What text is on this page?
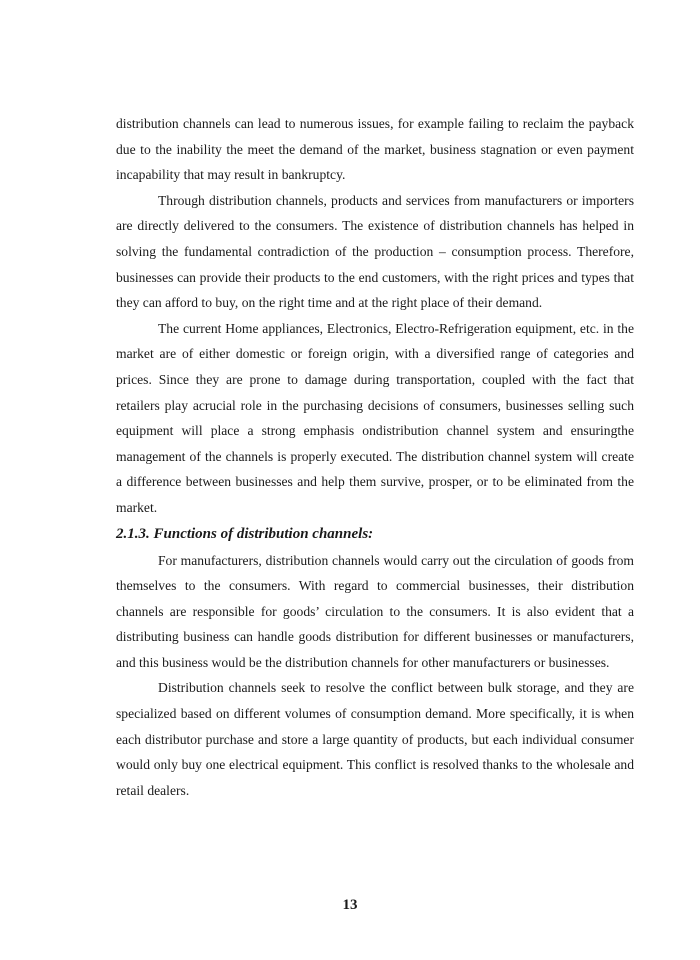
distribution channels can lead to numerous issues, for example failing to reclaim the payback due to the inability the meet the demand of the market, business stagnation or even payment incapability that may result in bankruptcy.

Through distribution channels, products and services from manufacturers or importers are directly delivered to the consumers. The existence of distribution channels has helped in solving the fundamental contradiction of the production – consumption process. Therefore, businesses can provide their products to the end customers, with the right prices and types that they can afford to buy, on the right time and at the right place of their demand.

The current Home appliances, Electronics, Electro-Refrigeration equipment, etc. in the market are of either domestic or foreign origin, with a diversified range of categories and prices. Since they are prone to damage during transportation, coupled with the fact that retailers play acrucial role in the purchasing decisions of consumers, businesses selling such equipment will place a strong emphasis ondistribution channel system and ensuringthe management of the channels is properly executed. The distribution channel system will create a difference between businesses and help them survive, prosper, or to be eliminated from the market.

2.1.3. Functions of distribution channels:

For manufacturers, distribution channels would carry out the circulation of goods from themselves to the consumers. With regard to commercial businesses, their distribution channels are responsible for goods’ circulation to the consumers. It is also evident that a distributing business can handle goods distribution for different businesses or manufacturers, and this business would be the distribution channels for other manufacturers or businesses.

Distribution channels seek to resolve the conflict between bulk storage, and they are specialized based on different volumes of consumption demand. More specifically, it is when each distributor purchase and store a large quantity of products, but each individual consumer would only buy one electrical equipment. This conflict is resolved thanks to the wholesale and retail dealers.

13
